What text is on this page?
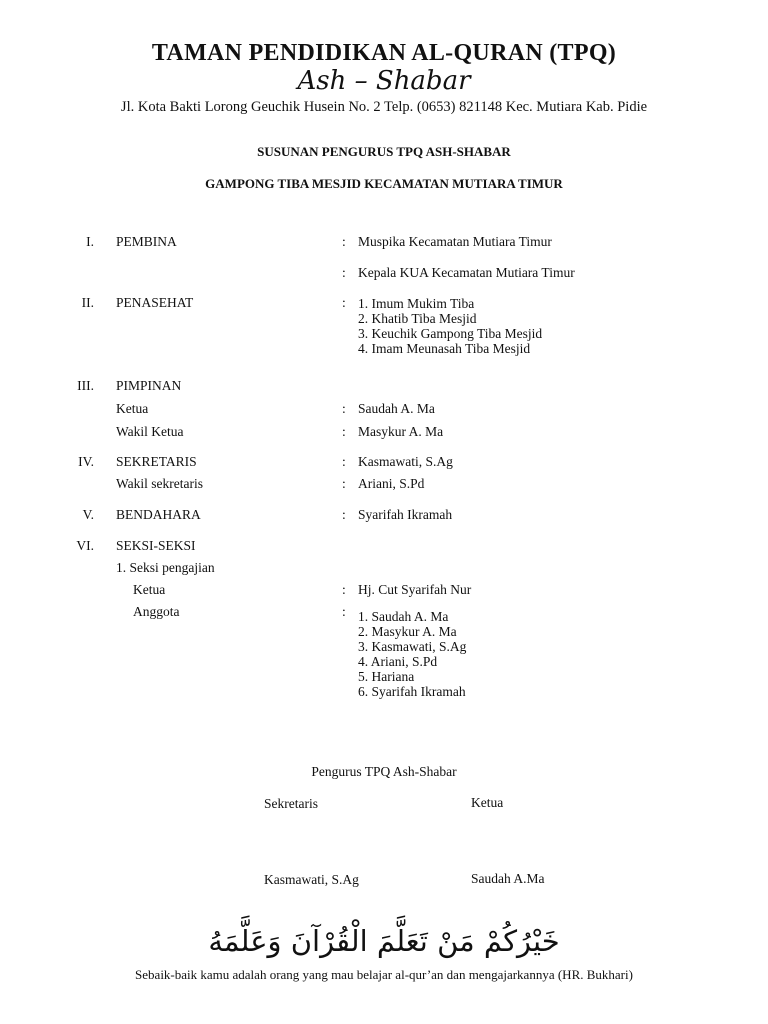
TAMAN PENDIDIKAN AL-QURAN (TPQ)
Ash – Shabar
Jl. Kota Bakti Lorong Geuchik Husein No. 2 Telp. (0653) 821148 Kec. Mutiara Kab. Pidie
SUSUNAN PENGURUS TPQ ASH-SHABAR
GAMPONG TIBA MESJID KECAMATAN MUTIARA TIMUR
I. PEMBINA	: Muspika Kecamatan Mutiara Timur
: Kepala KUA Kecamatan Mutiara Timur
II. PENASEHAT	: 1. Imum Mukim Tiba
2. Khatib Tiba Mesjid
3. Keuchik Gampong Tiba Mesjid
4. Imam Meunasah Tiba Mesjid
III. PIMPINAN
Ketua	: Saudah A. Ma
Wakil Ketua	: Masykur A. Ma
IV. SEKRETARIS	: Kasmawati, S.Ag
Wakil sekretaris	: Ariani, S.Pd
V. BENDAHARA	: Syarifah Ikramah
VI. SEKSI-SEKSI
1. Seksi pengajian
Ketua	: Hj. Cut Syarifah Nur
Anggota	: 1. Saudah A. Ma
2. Masykur A. Ma
3. Kasmawati, S.Ag
4. Ariani, S.Pd
5. Hariana
6. Syarifah Ikramah
Pengurus TPQ Ash-Shabar
Sekretaris	Ketua
Kasmawati, S.Ag	Saudah A.Ma
خَيْرُكُمْ مَنْ تَعَلَّمَ الْقُرْآنَ وَعَلَّمَهُ
Sebaik-baik kamu adalah orang yang mau belajar al-qur’an dan mengajarkannya (HR. Bukhari)
